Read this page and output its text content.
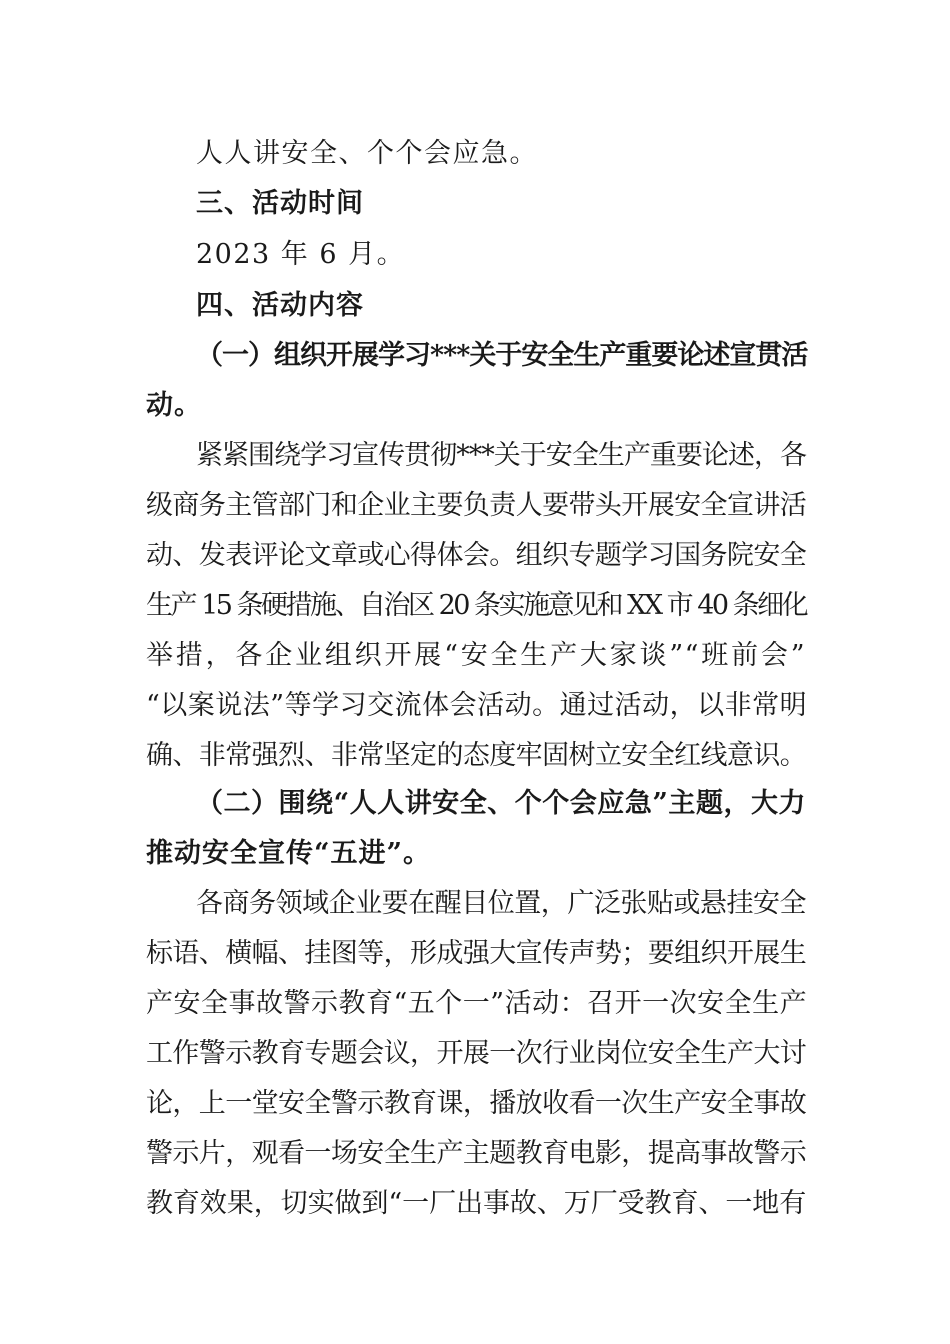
人人讲安全、个个会应急。
三、活动时间
2023 年 6 月。
四、活动内容
（一）组织开展学习***关于安全生产重要论述宣贯活
动。
紧紧围绕学习宣传贯彻***关于安全生产重要论述，各
级商务主管部门和企业主要负责人要带头开展安全宣讲活
动、发表评论文章或心得体会。组织专题学习国务院安全
生产 15 条硬措施、自治区 20 条实施意见和 XX 市 40 条细化
举措，各企业组织开展“安全生产大家谈”“班前会”
“以案说法”等学习交流体会活动。通过活动，以非常明
确、非常强烈、非常坚定的态度牢固树立安全红线意识。
（二）围绕“人人讲安全、个个会应急”主题，大力
推动安全宣传“五进”。
各商务领域企业要在醒目位置，广泛张贴或悬挂安全
标语、横幅、挂图等，形成强大宣传声势；要组织开展生
产安全事故警示教育“五个一”活动：召开一次安全生产
工作警示教育专题会议，开展一次行业岗位安全生产大讨
论，上一堂安全警示教育课，播放收看一次生产安全事故
警示片，观看一场安全生产主题教育电影，提高事故警示
教育效果，切实做到“一厂出事故、万厂受教育、一地有
